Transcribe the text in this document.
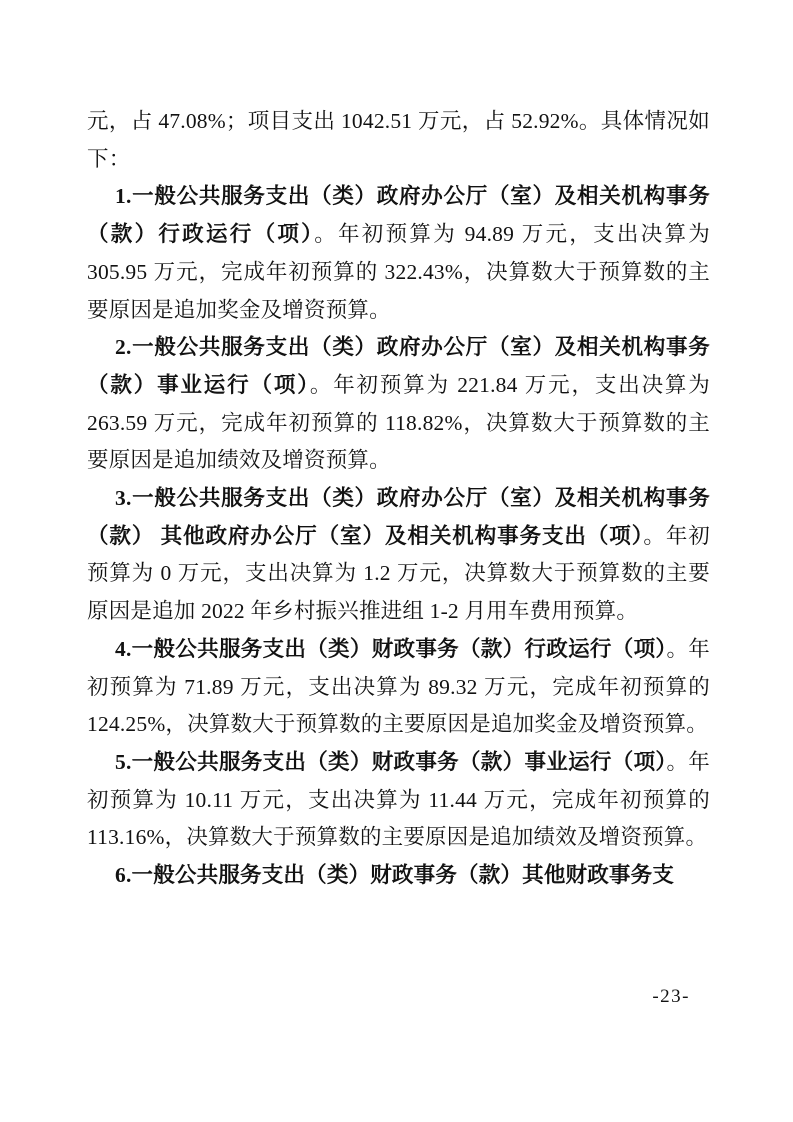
元，占 47.08%；项目支出 1042.51 万元，占 52.92%。具体情况如下：

1.一般公共服务支出（类）政府办公厅（室）及相关机构事务（款）行政运行（项）。年初预算为 94.89 万元，支出决算为 305.95 万元，完成年初预算的 322.43%，决算数大于预算数的主要原因是追加奖金及增资预算。

2.一般公共服务支出（类）政府办公厅（室）及相关机构事务（款）事业运行（项）。年初预算为 221.84 万元，支出决算为 263.59 万元，完成年初预算的 118.82%，决算数大于预算数的主要原因是追加绩效及增资预算。

3.一般公共服务支出（类）政府办公厅（室）及相关机构事务（款） 其他政府办公厅（室）及相关机构事务支出（项）。年初预算为 0 万元，支出决算为 1.2 万元，决算数大于预算数的主要原因是追加 2022 年乡村振兴推进组 1-2 月用车费用预算。

4.一般公共服务支出（类）财政事务（款）行政运行（项）。年初预算为 71.89 万元，支出决算为 89.32 万元，完成年初预算的 124.25%，决算数大于预算数的主要原因是追加奖金及增资预算。

5.一般公共服务支出（类）财政事务（款）事业运行（项）。年初预算为 10.11 万元，支出决算为 11.44 万元，完成年初预算的 113.16%，决算数大于预算数的主要原因是追加绩效及增资预算。

6.一般公共服务支出（类）财政事务（款）其他财政事务支

-23-
